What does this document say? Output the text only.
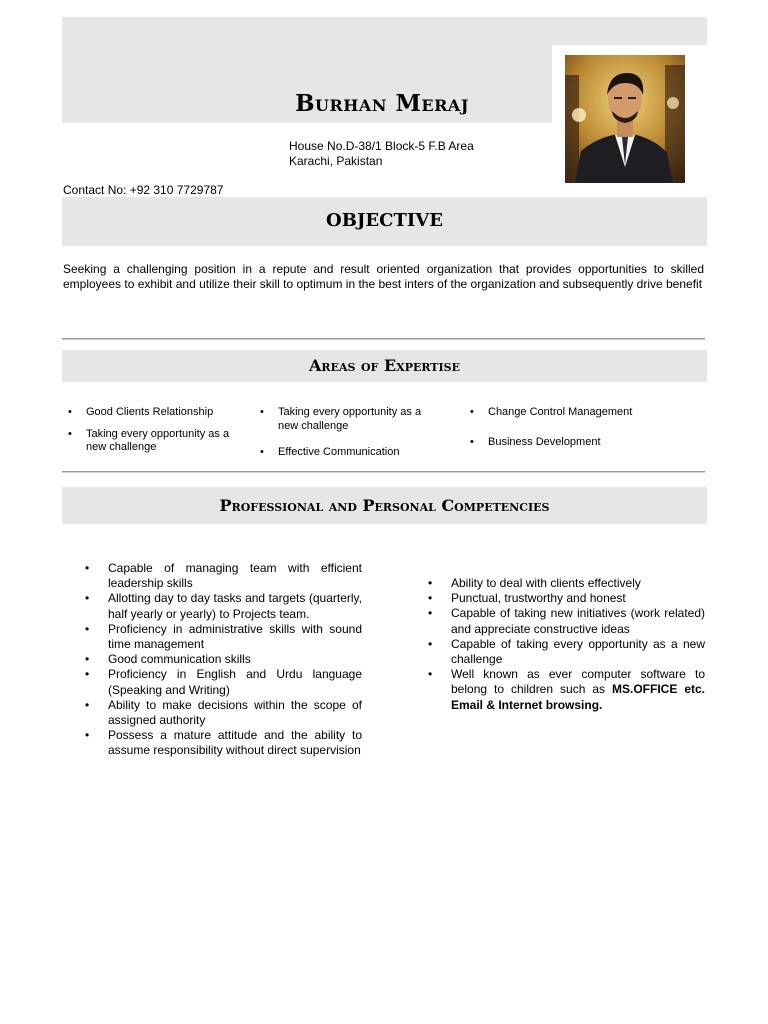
Burhan Meraj
House No.D-38/1 Block-5 F.B Area
Karachi, Pakistan
Contact No: +92 310 7729787
OBJECTIVE
Seeking a challenging position in a repute and result oriented organization that provides opportunities to skilled employees to exhibit and utilize their skill to optimum in the best inters of the organization and subsequently drive benefit
Areas of Expertise
• Good Clients Relationship
• Taking every opportunity as a new challenge
• Taking every opportunity as a new challenge
• Effective Communication
• Change Control Management
• Business Development
Professional and Personal Competencies
• Capable of managing team with efficient leadership skills
• Allotting day to day tasks and targets (quarterly, half yearly or yearly) to Projects team.
• Proficiency in administrative skills with sound time management
• Good communication skills
• Proficiency in English and Urdu language (Speaking and Writing)
• Ability to make decisions within the scope of assigned authority
• Possess a mature attitude and the ability to assume responsibility without direct supervision
• Ability to deal with clients effectively
• Punctual, trustworthy and honest
• Capable of taking new initiatives (work related) and appreciate constructive ideas
• Capable of taking every opportunity as a new challenge
• Well known as ever computer software to belong to children such as MS.OFFICE etc. Email & Internet browsing.
